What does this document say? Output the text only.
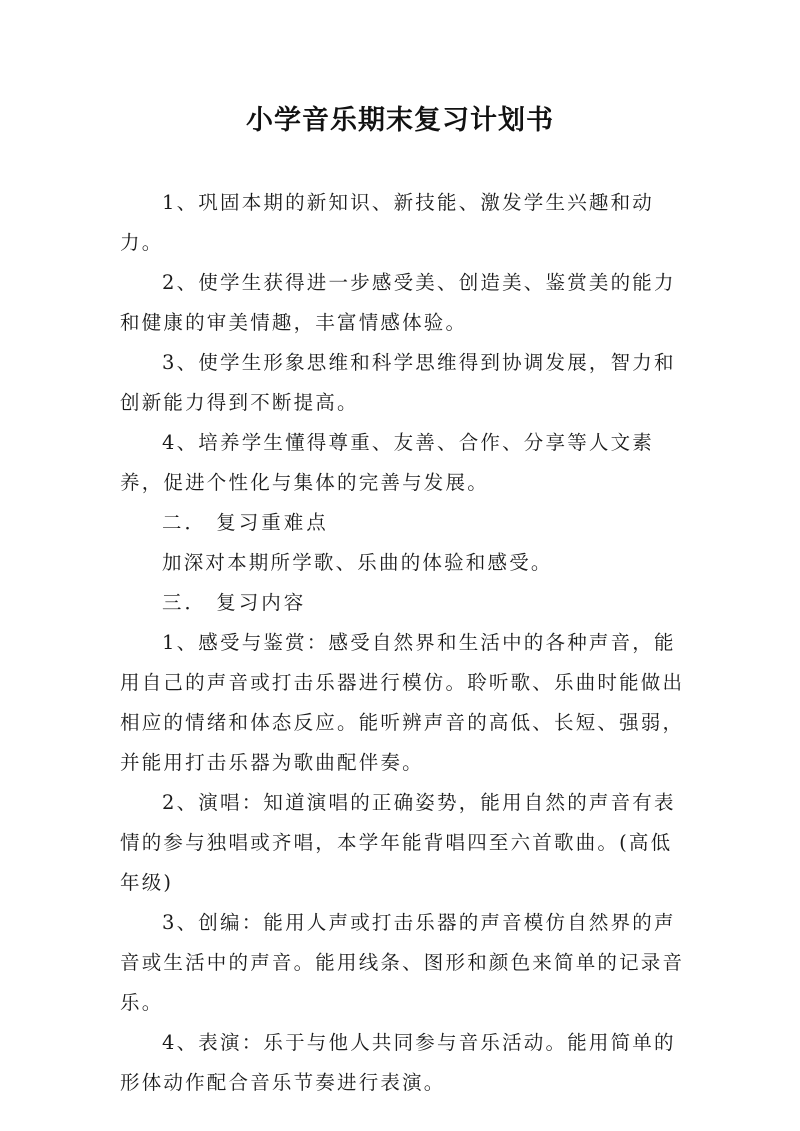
小学音乐期末复习计划书

1、巩固本期的新知识、新技能、激发学生兴趣和动力。

2、使学生获得进一步感受美、创造美、鉴赏美的能力和健康的审美情趣，丰富情感体验。

3、使学生形象思维和科学思维得到协调发展，智力和创新能力得到不断提高。

4、培养学生懂得尊重、友善、合作、分享等人文素养，促进个性化与集体的完善与发展。

二． 复习重难点

加深对本期所学歌、乐曲的体验和感受。

三． 复习内容

1、感受与鉴赏：感受自然界和生活中的各种声音，能用自己的声音或打击乐器进行模仿。聆听歌、乐曲时能做出相应的情绪和体态反应。能听辨声音的高低、长短、强弱，并能用打击乐器为歌曲配伴奏。

2、演唱：知道演唱的正确姿势，能用自然的声音有表情的参与独唱或齐唱，本学年能背唱四至六首歌曲。(高低年级)

3、创编：能用人声或打击乐器的声音模仿自然界的声音或生活中的声音。能用线条、图形和颜色来简单的记录音乐。

4、表演：乐于与他人共同参与音乐活动。能用简单的形体动作配合音乐节奏进行表演。
